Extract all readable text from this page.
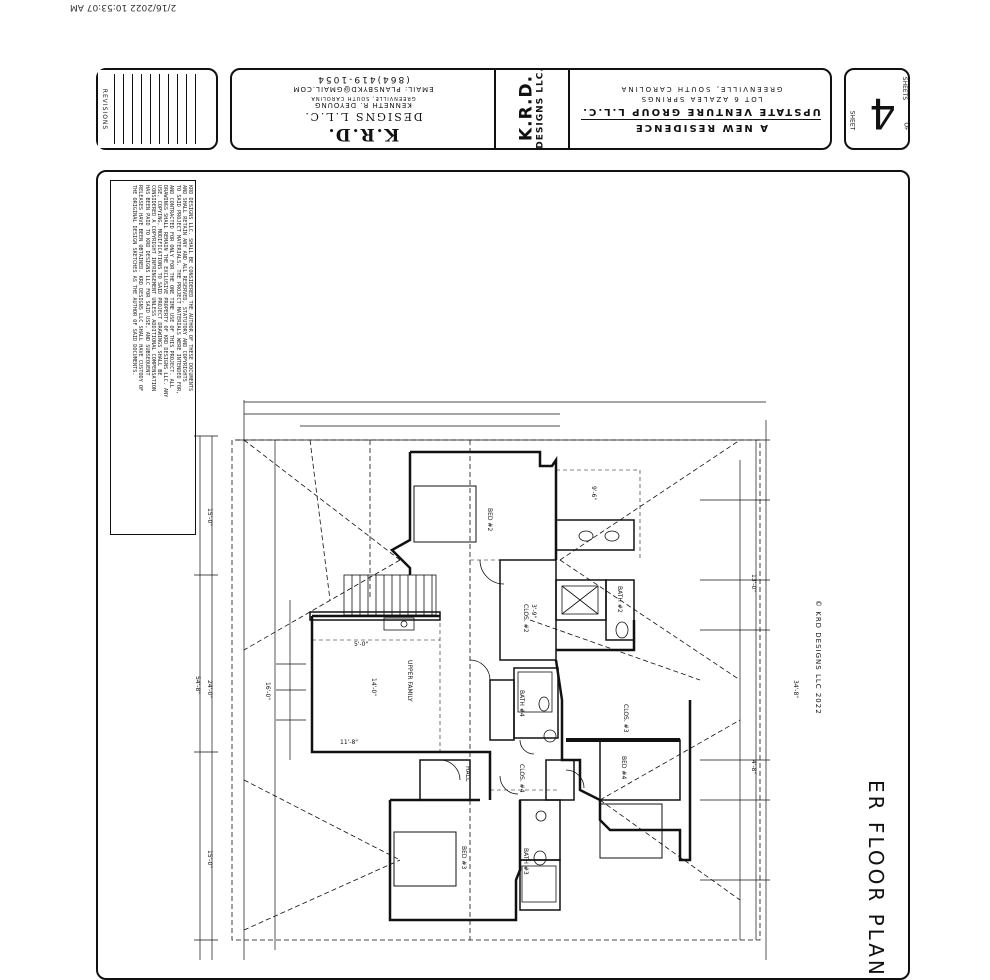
2/16/2022 10:53:07 AM
REVISIONS
K.R.D.
DESIGNS L.L.C.
KENNETH R. DEYOUNG
GREENVILLE, SOUTH CAROLINA
EMAIL: PLANSBYKD@GMAIL.COM
(864)419-1054	K.R.D. DESIGNS LLC.	A NEW RESIDENCE
UPSTATE VENTURE GROUP L.L.C.
LOT 6 AZALEA SPRINGS
GREENVILLE, SOUTH CAROLINA
SHEET 4 OF
SHEETS
KRD DESIGNS LLC. SHALL BE CONSIDERED THE AUTHOR OF THESE DOCUMENTS
AND SHALL RETAIN ANY AND ALL RESERVED, STATUTORY AND COPYRIGHTS
TO SAID PROJECT MATERIALS. THE PROJECT MATERIALS WERE INTENDED FOR,
AND CONTRACTED FOR ONLY FOR THE ONE TIME USE OF THIS PROJECT. ALL
DRAWINGS SHALL REMAIN THE EXCLUSIVE PROPERTY OF KRD DESIGNS LLC. ANY
USE, COPYING, MODIFICATIONS TO SAID PROJECT DRAWINGS SHALL BE
CONSIDERED A COPYRIGHT INFRINGEMENT UNLESS ADDITIONAL COMPENSATION
HAS BEEN PAID TO KRD DESIGNS LLC FOR SAID USE, AND SUBSEQUENT
RELEASES HAVE BEEN OBTAINED. KRD DESIGNS LLC SHALL HAVE CUSTODY OF
THE ORIGINAL DESIGN SKETCHES AS THE AUTHOR OF SAID DOCUMENTS.
© KRD DESIGNS LLC 2022
ER FLOOR PLAN
BED #2
BATH #2
CLOS. #2
UPPER FAMILY
BATH #4
CLOS. #3
BED #4
CLOS. #4
HALL
BED #3	BATH #3
54'-8"	34'-8"
24'-0"	16'-0"
15'-0"
15'-0"
13'-0"
14'-0"
11'-8"
5'-0"
9'-6"
3'-9"
4'-8"
